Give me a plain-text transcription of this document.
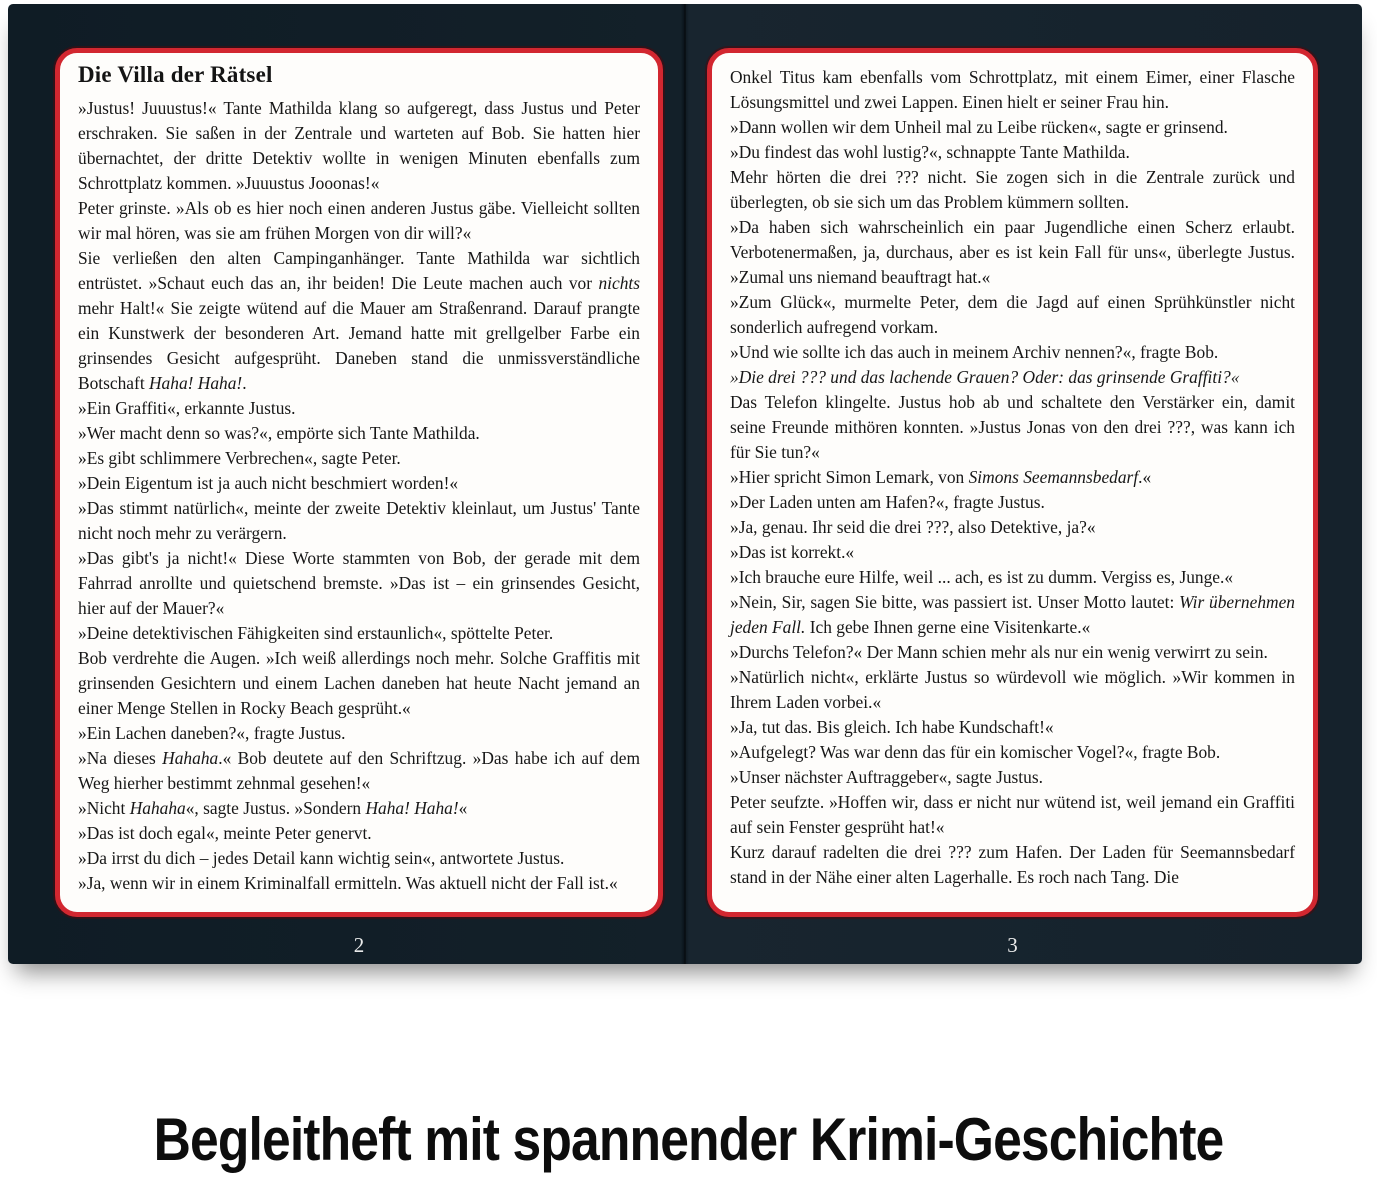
Die Villa der Rätsel

»Justus! Juuustus!« Tante Mathilda klang so aufgeregt, dass Justus und Peter erschraken. Sie saßen in der Zentrale und warteten auf Bob. Sie hatten hier übernachtet, der dritte Detektiv wollte in wenigen Minuten ebenfalls zum Schrottplatz kommen. »Juuustus Jooonas!«

Peter grinste. »Als ob es hier noch einen anderen Justus gäbe. Vielleicht sollten wir mal hören, was sie am frühen Morgen von dir will?«

Sie verließen den alten Campinganhänger. Tante Mathilda war sichtlich entrüstet. »Schaut euch das an, ihr beiden! Die Leute machen auch vor nichts mehr Halt!« Sie zeigte wütend auf die Mauer am Straßenrand. Darauf prangte ein Kunstwerk der besonderen Art. Jemand hatte mit grellgelber Farbe ein grinsendes Gesicht aufgesprüht. Daneben stand die unmissverständliche Botschaft Haha! Haha!.

»Ein Graffiti«, erkannte Justus.

»Wer macht denn so was?«, empörte sich Tante Mathilda.

»Es gibt schlimmere Verbrechen«, sagte Peter.

»Dein Eigentum ist ja auch nicht beschmiert worden!«

»Das stimmt natürlich«, meinte der zweite Detektiv kleinlaut, um Justus' Tante nicht noch mehr zu verärgern.

»Das gibt's ja nicht!« Diese Worte stammten von Bob, der gerade mit dem Fahrrad anrollte und quietschend bremste. »Das ist – ein grinsendes Gesicht, hier auf der Mauer?«

»Deine detektivischen Fähigkeiten sind erstaunlich«, spöttelte Peter.

Bob verdrehte die Augen. »Ich weiß allerdings noch mehr. Solche Graffitis mit grinsenden Gesichtern und einem Lachen daneben hat heute Nacht jemand an einer Menge Stellen in Rocky Beach gesprüht.«

»Ein Lachen daneben?«, fragte Justus.

»Na dieses Hahaha.« Bob deutete auf den Schriftzug. »Das habe ich auf dem Weg hierher bestimmt zehnmal gesehen!«

»Nicht Hahaha«, sagte Justus. »Sondern Haha! Haha!«

»Das ist doch egal«, meinte Peter genervt.

»Da irrst du dich – jedes Detail kann wichtig sein«, antwortete Justus.

»Ja, wenn wir in einem Kriminalfall ermitteln. Was aktuell nicht der Fall ist.«

Onkel Titus kam ebenfalls vom Schrottplatz, mit einem Eimer, einer Flasche Lösungsmittel und zwei Lappen. Einen hielt er seiner Frau hin.

»Dann wollen wir dem Unheil mal zu Leibe rücken«, sagte er grinsend.

»Du findest das wohl lustig?«, schnappte Tante Mathilda.

Mehr hörten die drei ??? nicht. Sie zogen sich in die Zentrale zurück und überlegten, ob sie sich um das Problem kümmern sollten.

»Da haben sich wahrscheinlich ein paar Jugendliche einen Scherz erlaubt. Verbotenermaßen, ja, durchaus, aber es ist kein Fall für uns«, überlegte Justus. »Zumal uns niemand beauftragt hat.«

»Zum Glück«, murmelte Peter, dem die Jagd auf einen Sprühkünstler nicht sonderlich aufregend vorkam.

»Und wie sollte ich das auch in meinem Archiv nennen?«, fragte Bob.

»Die drei ??? und das lachende Grauen? Oder: das grinsende Graffiti?«

Das Telefon klingelte. Justus hob ab und schaltete den Verstärker ein, damit seine Freunde mithören konnten. »Justus Jonas von den drei ???, was kann ich für Sie tun?«

»Hier spricht Simon Lemark, von Simons Seemannsbedarf.«

»Der Laden unten am Hafen?«, fragte Justus.

»Ja, genau. Ihr seid die drei ???, also Detektive, ja?«

»Das ist korrekt.«

»Ich brauche eure Hilfe, weil ... ach, es ist zu dumm. Vergiss es, Junge.«

»Nein, Sir, sagen Sie bitte, was passiert ist. Unser Motto lautet: Wir übernehmen jeden Fall. Ich gebe Ihnen gerne eine Visitenkarte.«

»Durchs Telefon?« Der Mann schien mehr als nur ein wenig verwirrt zu sein.

»Natürlich nicht«, erklärte Justus so würdevoll wie möglich. »Wir kommen in Ihrem Laden vorbei.«

»Ja, tut das. Bis gleich. Ich habe Kundschaft!«

»Aufgelegt? Was war denn das für ein komischer Vogel?«, fragte Bob.

»Unser nächster Auftraggeber«, sagte Justus.

Peter seufzte. »Hoffen wir, dass er nicht nur wütend ist, weil jemand ein Graffiti auf sein Fenster gesprüht hat!«

Kurz darauf radelten die drei ??? zum Hafen. Der Laden für Seemannsbedarf stand in der Nähe einer alten Lagerhalle. Es roch nach Tang. Die

2	3
Begleitheft mit spannender Krimi-Geschichte
